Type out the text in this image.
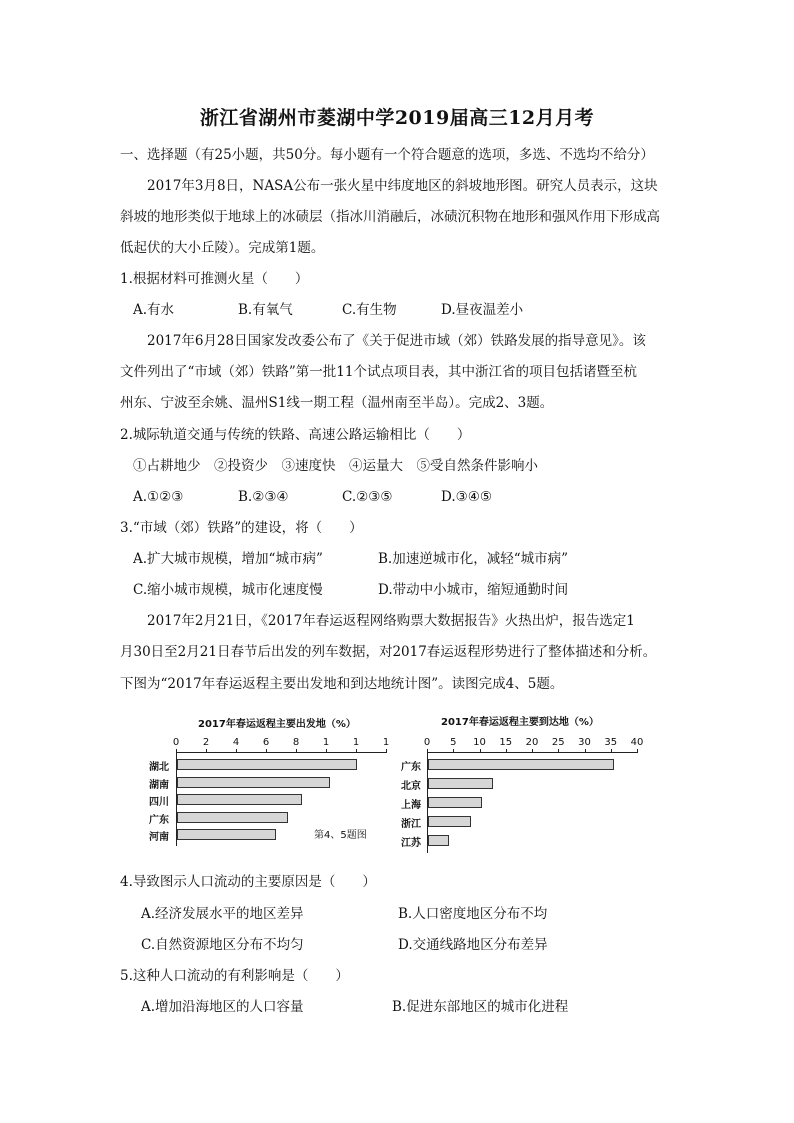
浙江省湖州市菱湖中学2019届高三12月月考
一、选择题（有25小题，共50分。每小题有一个符合题意的选项，多选、不选均不给分）
2017年3月8日，NASA公布一张火星中纬度地区的斜坡地形图。研究人员表示，这块
斜坡的地形类似于地球上的冰碛层（指冰川消融后，冰碛沉积物在地形和强风作用下形成高
低起伏的大小丘陵）。完成第1题。
1.根据材料可推测火星（　　）
A.有水	B.有氧气	C.有生物	D.昼夜温差小
2017年6月28日国家发改委公布了《关于促进市域（郊）铁路发展的指导意见》。该
文件列出了“市域（郊）铁路”第一批11个试点项目表，其中浙江省的项目包括诸暨至杭
州东、宁波至余姚、温州S1线一期工程（温州南至半岛）。完成2、3题。
2.城际轨道交通与传统的铁路、高速公路运输相比（　　）
①占耕地少　②投资少　③速度快　④运量大　⑤受自然条件影响小
A.①②③	B.②③④	C.②③⑤	D.③④⑤
3.“市域（郊）铁路”的建设，将（　　）
A.扩大城市规模，增加“城市病”	B.加速逆城市化，减轻“城市病”
C.缩小城市规模，城市化速度慢	D.带动中小城市，缩短通勤时间
2017年2月21日，《2017年春运返程网络购票大数据报告》火热出炉，报告选定1
月30日至2月21日春节后出发的列车数据，对2017春运返程形势进行了整体描述和分析。
下图为“2017年春运返程主要出发地和到达地统计图”。读图完成4、5题。
2017年春运返程主要出发地（%）
0 2 4 6 8 1 1 1
湖北
湖南
四川
广东
河南
2017年春运返程主要到达地（%）
0 5 10 15 20 25 30 35 40
广东
北京
上海
浙江
江苏
第4、5题图
4.导致图示人口流动的主要原因是（　　）
A.经济发展水平的地区差异	B.人口密度地区分布不均
C.自然资源地区分布不均匀	D.交通线路地区分布差异
5.这种人口流动的有利影响是（　　）
A.增加沿海地区的人口容量	B.促进东部地区的城市化进程
